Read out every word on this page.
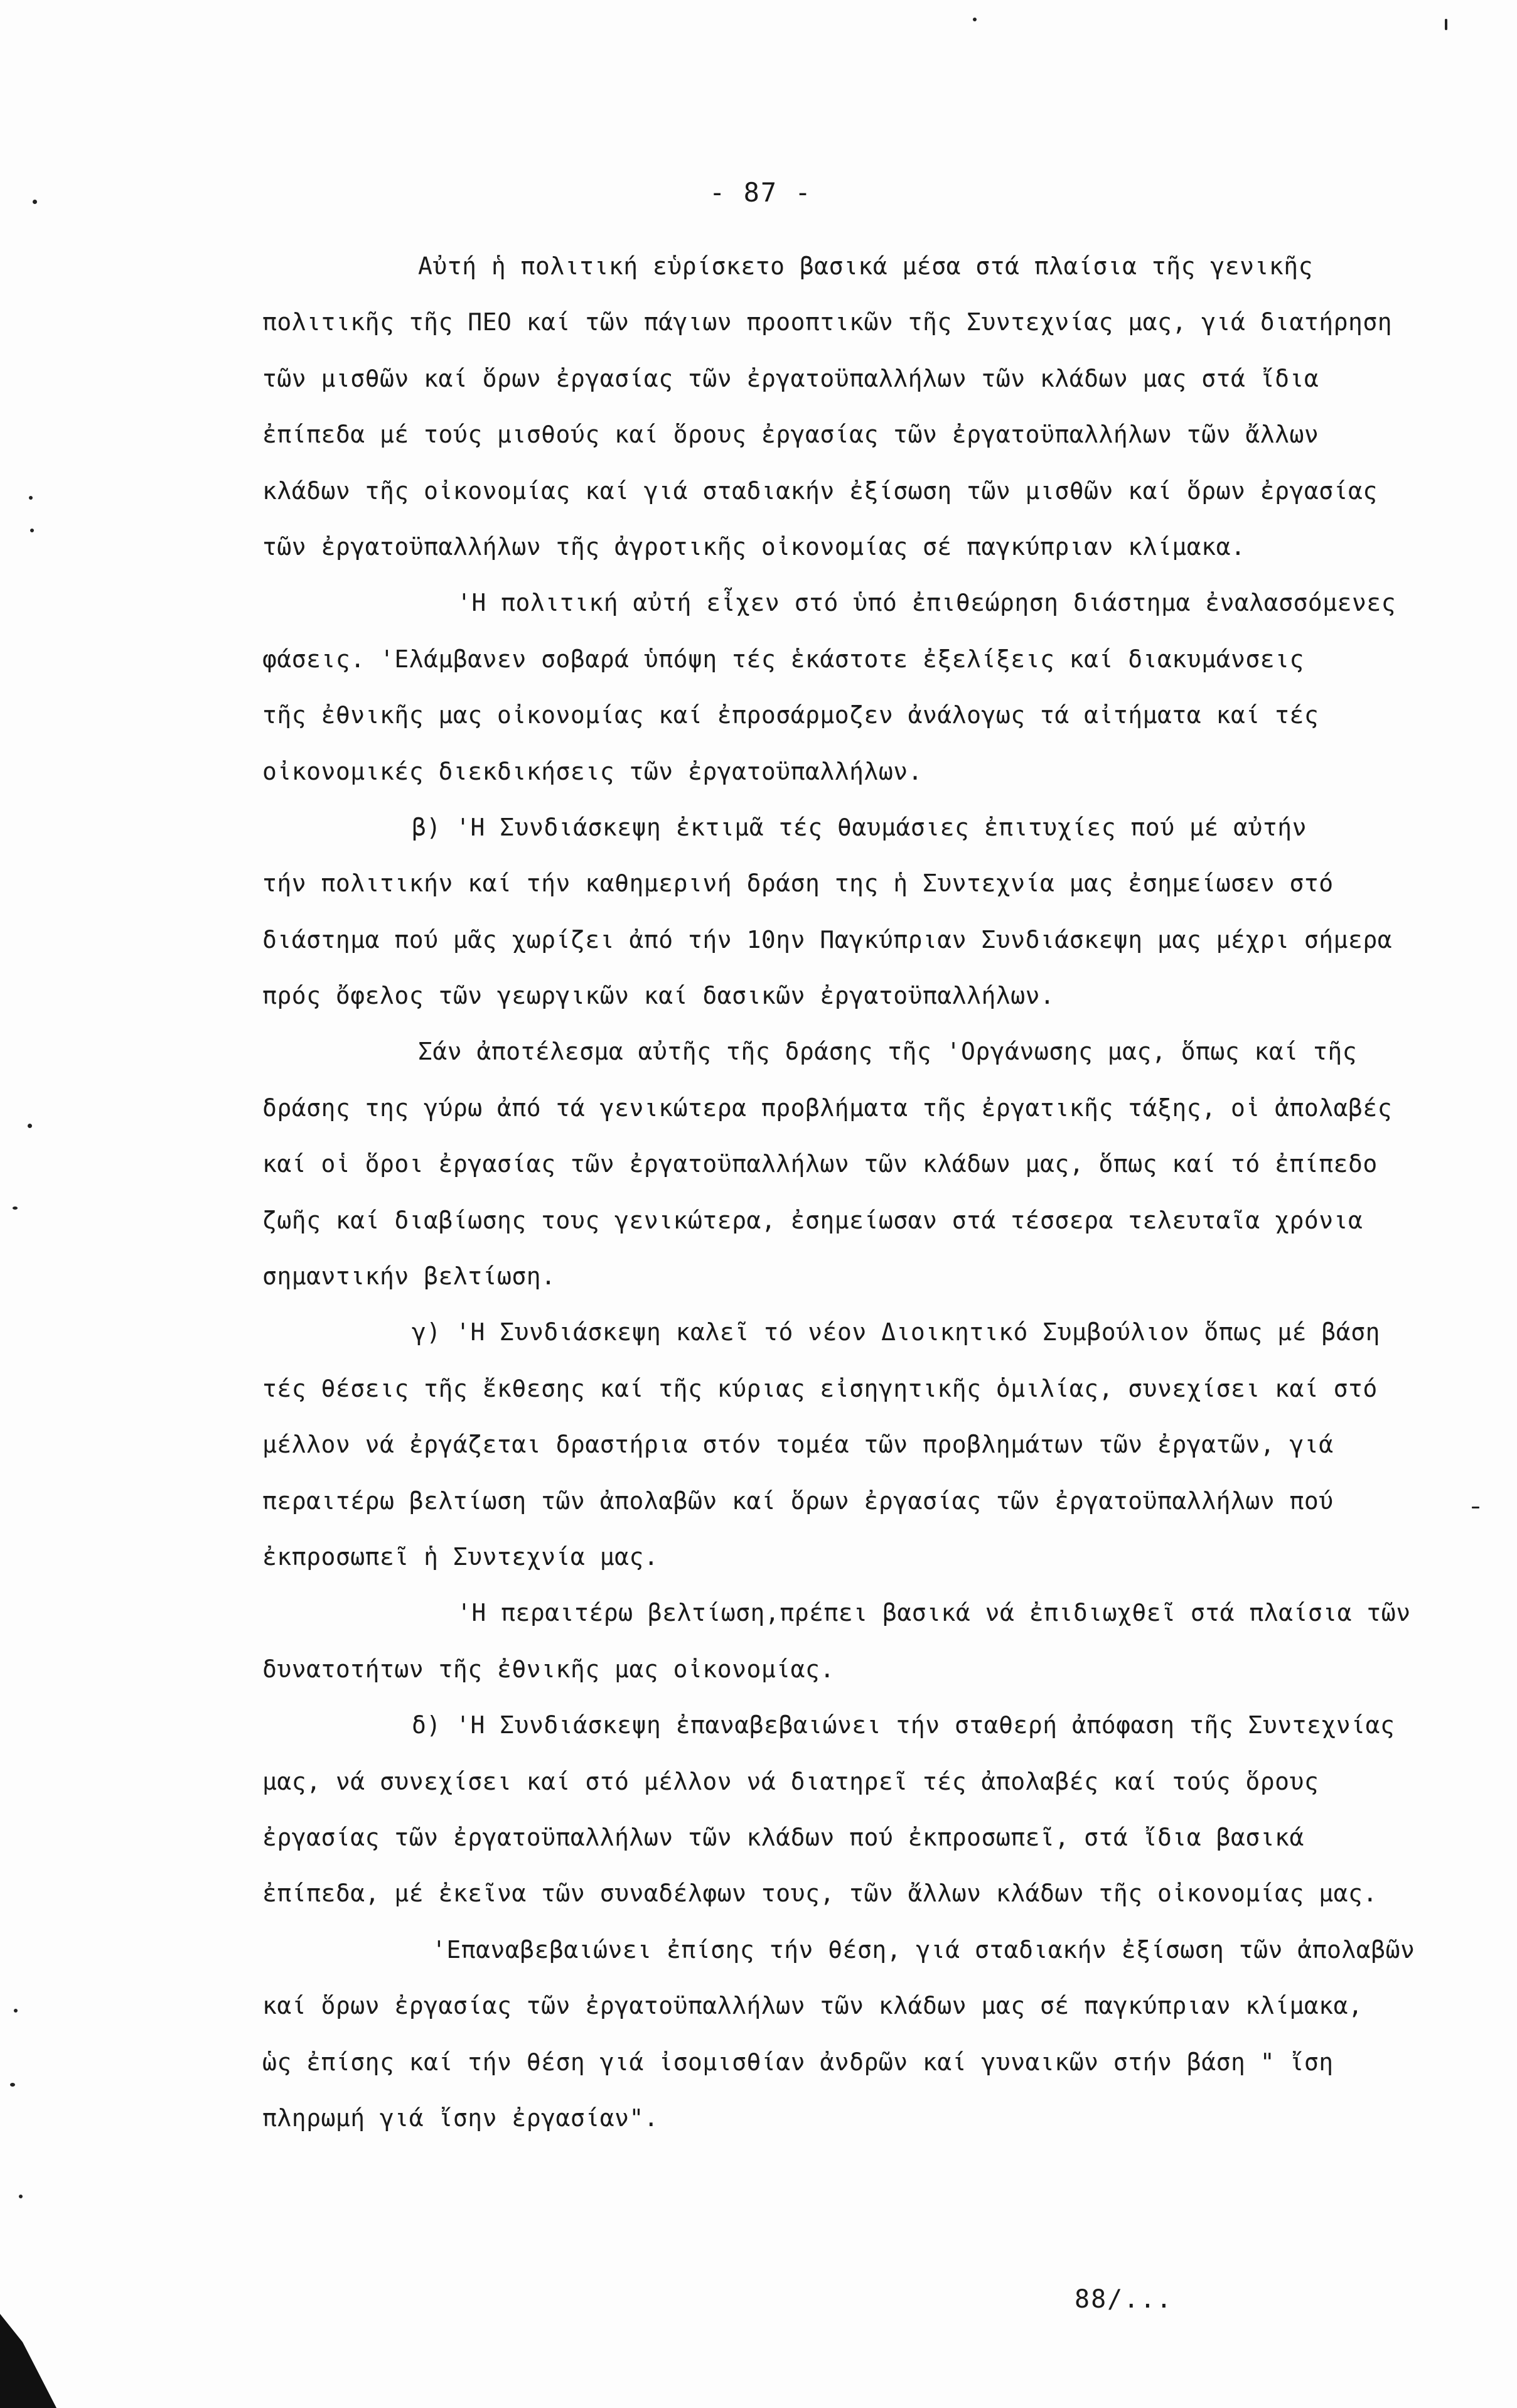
- 87 -
Αὐτή ἡ πολιτική εὑρίσκετο βασικά μέσα στά πλαίσια τῆς γενικῆς
πολιτικῆς τῆς ΠΕΟ καί τῶν πάγιων προοπτικῶν τῆς Συντεχνίας μας, γιά διατήρηση
τῶν μισθῶν καί ὅρων ἐργασίας τῶν ἐργατοϋπαλλήλων τῶν κλάδων μας στά ἴδια
ἐπίπεδα μέ τούς μισθούς καί ὅρους ἐργασίας τῶν ἐργατοϋπαλλήλων τῶν ἄλλων
κλάδων τῆς οἰκονομίας καί γιά σταδιακήν ἐξίσωση τῶν μισθῶν καί ὅρων ἐργασίας
τῶν ἐργατοϋπαλλήλων τῆς ἀγροτικῆς οἰκονομίας σέ παγκύπριαν κλίμακα.
'Η πολιτική αὐτή εἶχεν στό ὑπό ἐπιθεώρηση διάστημα ἐναλασσόμενες
φάσεις. 'Ελάμβανεν σοβαρά ὑπόψη τές ἑκάστοτε ἐξελίξεις καί διακυμάνσεις
τῆς ἐθνικῆς μας οἰκονομίας καί ἐπροσάρμοζεν ἀνάλογως τά αἰτήματα καί τές
οἰκονομικές διεκδικήσεις τῶν ἐργατοϋπαλλήλων.
β) 'Η Συνδιάσκεψη ἐκτιμᾶ τές θαυμάσιες ἐπιτυχίες πού μέ αὐτήν
τήν πολιτικήν καί τήν καθημερινή δράση της ἡ Συντεχνία μας ἐσημείωσεν στό
διάστημα πού μᾶς χωρίζει ἀπό τήν 10ην Παγκύπριαν Συνδιάσκεψη μας μέχρι σήμερα
πρός ὄφελος τῶν γεωργικῶν καί δασικῶν ἐργατοϋπαλλήλων.
Σάν ἀποτέλεσμα αὐτῆς τῆς δράσης τῆς 'Οργάνωσης μας, ὅπως καί τῆς
δράσης της γύρω ἀπό τά γενικώτερα προβλήματα τῆς ἐργατικῆς τάξης, οἱ ἀπολαβές
καί οἱ ὅροι ἐργασίας τῶν ἐργατοϋπαλλήλων τῶν κλάδων μας, ὅπως καί τό ἐπίπεδο
ζωῆς καί διαβίωσης τους γενικώτερα, ἐσημείωσαν στά τέσσερα τελευταῖα χρόνια
σημαντικήν βελτίωση.
γ) 'Η Συνδιάσκεψη καλεῖ τό νέον Διοικητικό Συμβούλιον ὅπως μέ βάση
τές θέσεις τῆς ἔκθεσης καί τῆς κύριας εἰσηγητικῆς ὁμιλίας, συνεχίσει καί στό
μέλλον νά ἐργάζεται δραστήρια στόν τομέα τῶν προβλημάτων τῶν ἐργατῶν, γιά
περαιτέρω βελτίωση τῶν ἀπολαβῶν καί ὅρων ἐργασίας τῶν ἐργατοϋπαλλήλων πού
ἐκπροσωπεῖ ἡ Συντεχνία μας.
'Η περαιτέρω βελτίωση,πρέπει βασικά νά ἐπιδιωχθεῖ στά πλαίσια τῶν
δυνατοτήτων τῆς ἐθνικῆς μας οἰκονομίας.
δ) 'Η Συνδιάσκεψη ἐπαναβεβαιώνει τήν σταθερή ἀπόφαση τῆς Συντεχνίας
μας, νά συνεχίσει καί στό μέλλον νά διατηρεῖ τές ἀπολαβές καί τούς ὅρους
ἐργασίας τῶν ἐργατοϋπαλλήλων τῶν κλάδων πού ἐκπροσωπεῖ, στά ἴδια βασικά
ἐπίπεδα, μέ ἐκεῖνα τῶν συναδέλφων τους, τῶν ἄλλων κλάδων τῆς οἰκονομίας μας.
'Επαναβεβαιώνει ἐπίσης τήν θέση, γιά σταδιακήν ἐξίσωση τῶν ἀπολαβῶν
καί ὅρων ἐργασίας τῶν ἐργατοϋπαλλήλων τῶν κλάδων μας σέ παγκύπριαν κλίμακα,
ὡς ἐπίσης καί τήν θέση γιά ἰσομισθίαν ἀνδρῶν καί γυναικῶν στήν βάση " ἴση
πληρωμή γιά ἴσην ἐργασίαν".
88/...
